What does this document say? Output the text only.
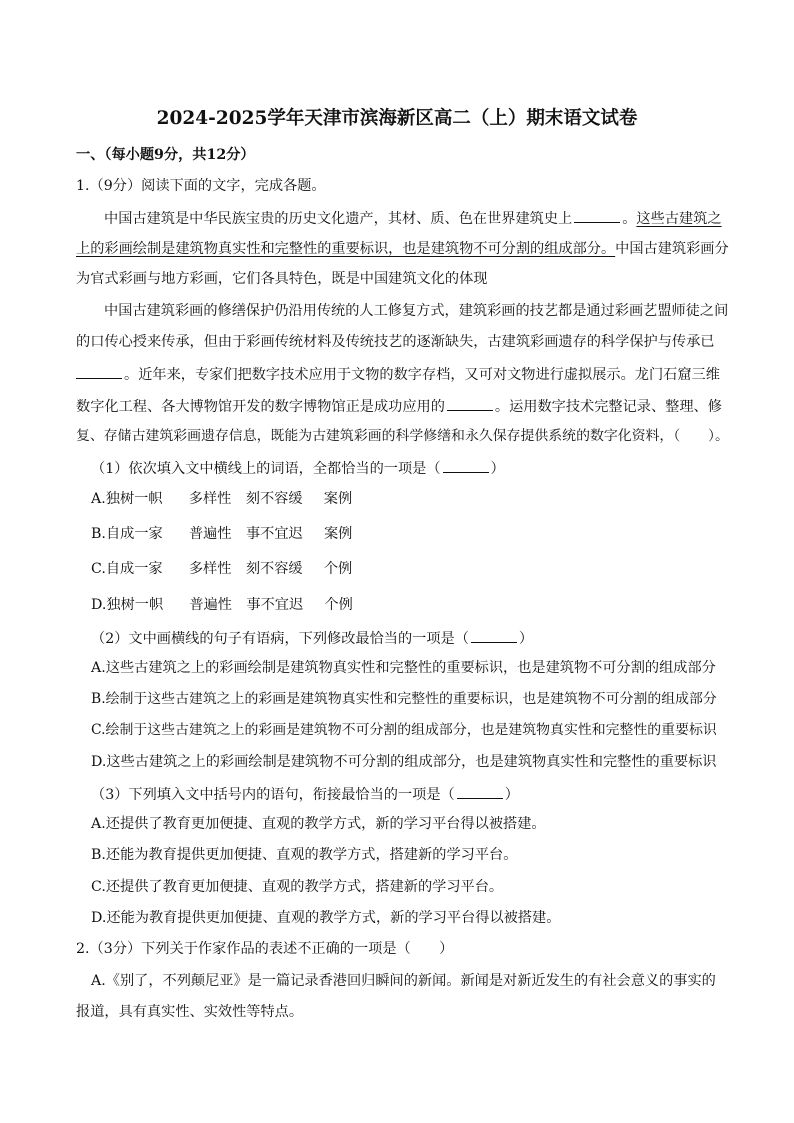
2024-2025学年天津市滨海新区高二（上）期末语文试卷
一、（每小题9分，共12分）
1.（9分）阅读下面的文字，完成各题。
中国古建筑是中华民族宝贵的历史文化遗产，其材、质、色在世界建筑史上	。这些古建筑之
上的彩画绘制是建筑物真实性和完整性的重要标识，也是建筑物不可分割的组成部分。中国古建筑彩画分
为官式彩画与地方彩画，它们各具特色，既是中国建筑文化的体现
中国古建筑彩画的修缮保护仍沿用传统的人工修复方式，建筑彩画的技艺都是通过彩画艺盟师徒之间
的口传心授来传承，但由于彩画传统材料及传统技艺的逐渐缺失，古建筑彩画遗存的科学保护与传承已
。近年来，专家们把数字技术应用于文物的数字存档，又可对文物进行虚拟展示。龙门石窟三维
数字化工程、各大博物馆开发的数字博物馆正是成功应用的	。运用数字技术完整记录、整理、修
复、存储古建筑彩画遗存信息，既能为古建筑彩画的科学修缮和永久保存提供系统的数字化资料，（　　）。
（1）依次填入文中横线上的词语，全都恰当的一项是（	）
A.独树一帜 多样性 刻不容缓 案例
B.自成一家 普遍性 事不宜迟 案例
C.自成一家 多样性 刻不容缓 个例
D.独树一帜 普遍性 事不宜迟 个例
（2）文中画横线的句子有语病，下列修改最恰当的一项是（	）
A.这些古建筑之上的彩画绘制是建筑物真实性和完整性的重要标识，也是建筑物不可分割的组成部分
B.绘制于这些古建筑之上的彩画是建筑物真实性和完整性的重要标识，也是建筑物不可分割的组成部分
C.绘制于这些古建筑之上的彩画是建筑物不可分割的组成部分，也是建筑物真实性和完整性的重要标识
D.这些古建筑之上的彩画绘制是建筑物不可分割的组成部分，也是建筑物真实性和完整性的重要标识
（3）下列填入文中括号内的语句，衔接最恰当的一项是（	）
A.还提供了教育更加便捷、直观的教学方式，新的学习平台得以被搭建。
B.还能为教育提供更加便捷、直观的教学方式，搭建新的学习平台。
C.还提供了教育更加便捷、直观的教学方式，搭建新的学习平台。
D.还能为教育提供更加便捷、直观的教学方式，新的学习平台得以被搭建。
2.（3分）下列关于作家作品的表述不正确的一项是（　　）
A.《别了，不列颠尼亚》是一篇记录香港回归瞬间的新闻。新闻是对新近发生的有社会意义的事实的
报道，具有真实性、实效性等特点。
